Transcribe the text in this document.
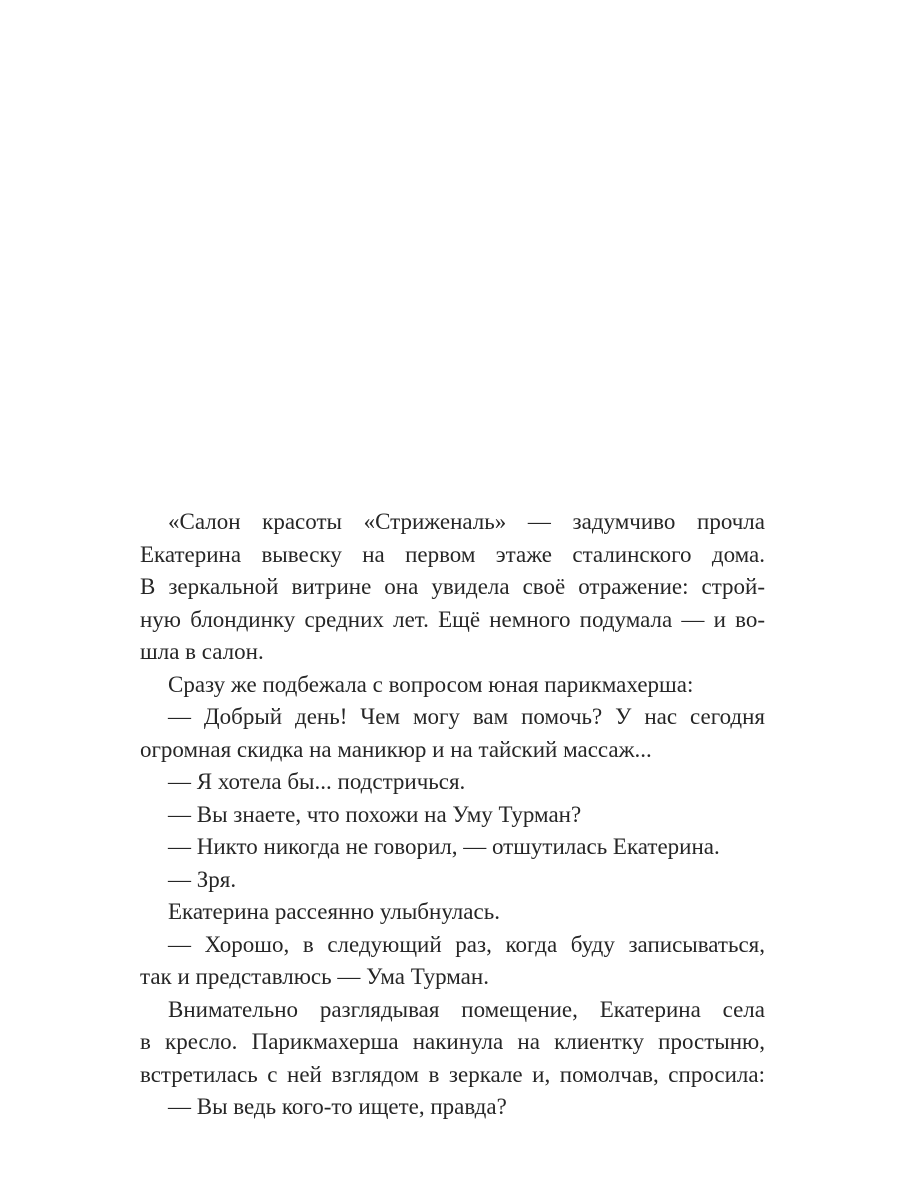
«Салон красоты «Стриженаль» — задумчиво прочла
Екатерина вывеску на первом этаже сталинского дома.
В зеркальной витрине она увидела своё отражение: строй-
ную блондинку средних лет. Ещё немного подумала — и во-
шла в салон.
Сразу же подбежала с вопросом юная парикмахерша:
— Добрый день! Чем могу вам помочь? У нас сегодня
огромная скидка на маникюр и на тайский массаж...
— Я хотела бы... подстричься.
— Вы знаете, что похожи на Уму Турман?
— Никто никогда не говорил, — отшутилась Екатерина.
— Зря.
Екатерина рассеянно улыбнулась.
— Хорошо, в следующий раз, когда буду записываться,
так и представлюсь — Ума Турман.
Внимательно разглядывая помещение, Екатерина села
в кресло. Парикмахерша накинула на клиентку простыню,
встретилась с ней взглядом в зеркале и, помолчав, спросила:
— Вы ведь кого-то ищете, правда?
